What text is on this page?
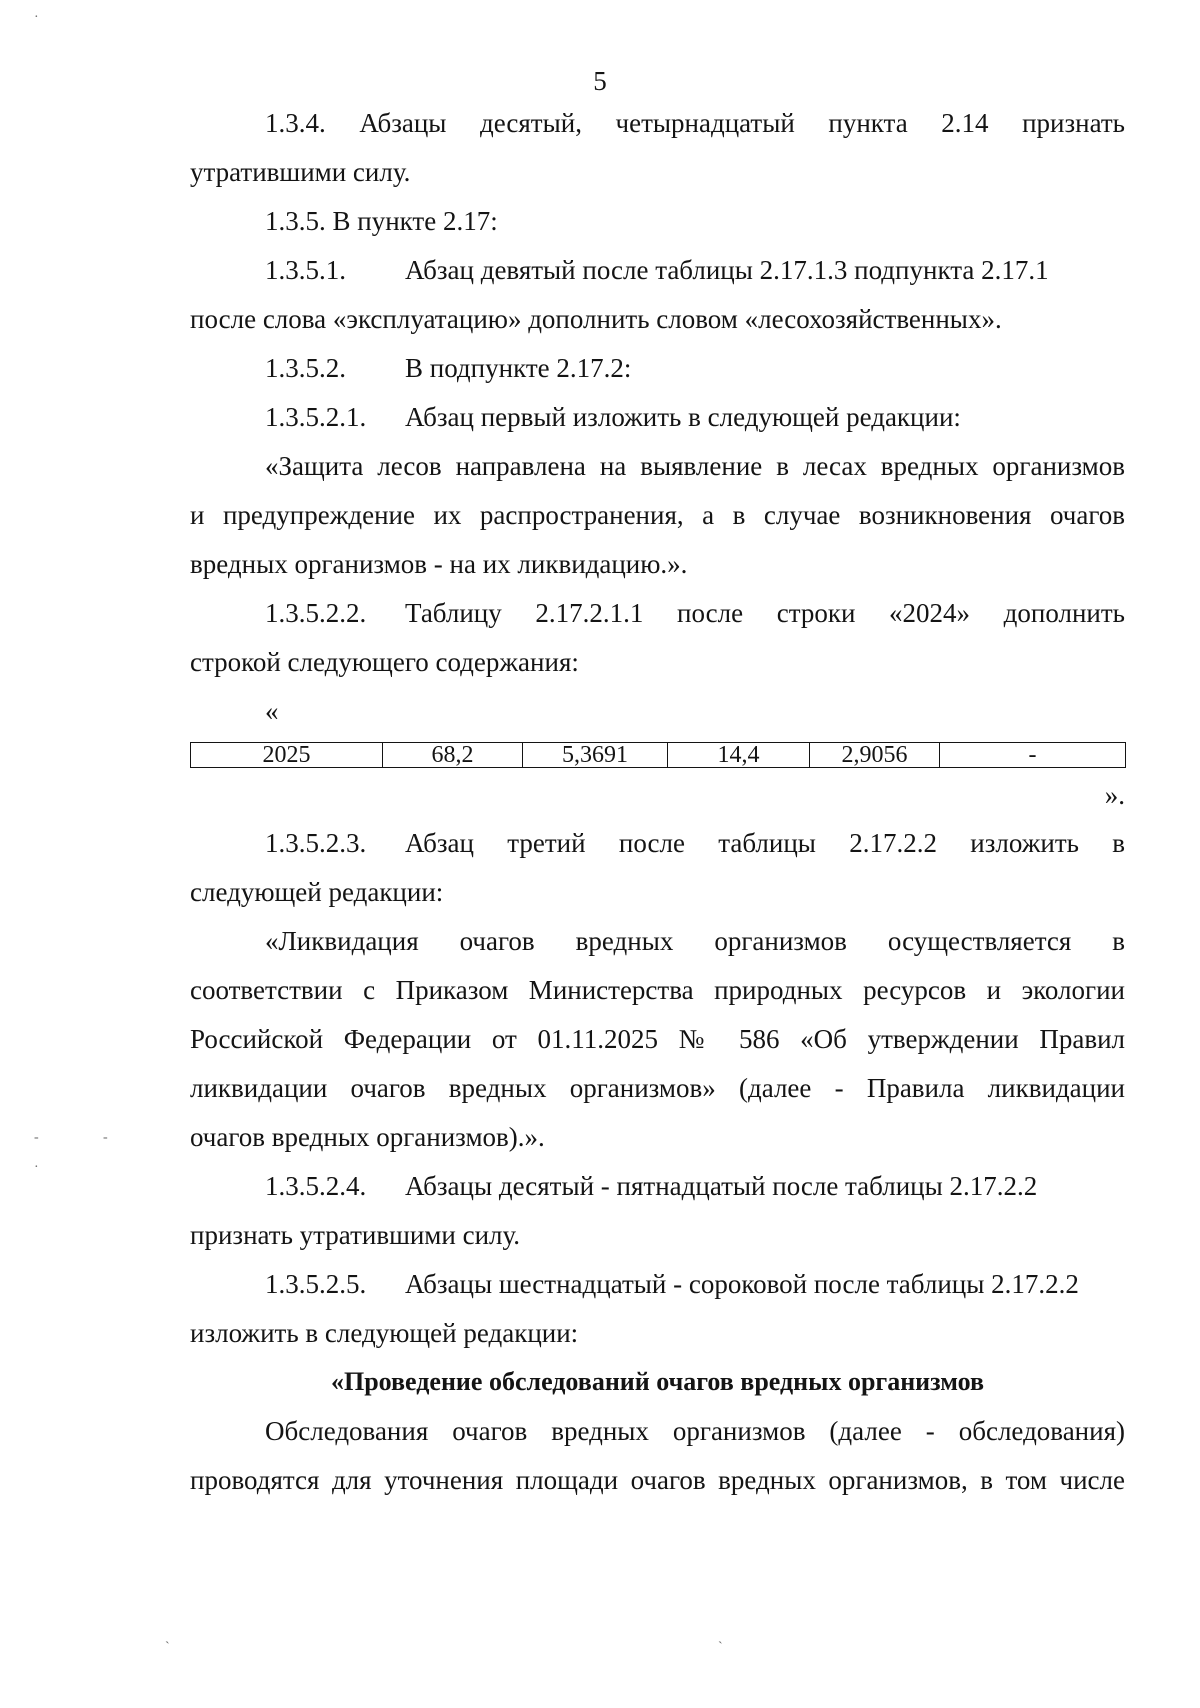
5
1.3.4. Абзацы десятый, четырнадцатый пункта 2.14 признать
утратившими силу.
1.3.5. В пункте 2.17:
1.3.5.1. Абзац девятый после таблицы 2.17.1.3 подпункта 2.17.1
после слова «эксплуатацию» дополнить словом «лесохозяйственных».
1.3.5.2. В подпункте 2.17.2:
1.3.5.2.1. Абзац первый изложить в следующей редакции:
«Защита лесов направлена на выявление в лесах вредных организмов
и предупреждение их распространения, а в случае возникновения очагов
вредных организмов - на их ликвидацию.».
1.3.5.2.2. Таблицу 2.17.2.1.1 после строки «2024» дополнить
строкой следующего содержания:
«
2025	68,2	5,3691	14,4	2,9056	-
».
1.3.5.2.3. Абзац третий после таблицы 2.17.2.2 изложить в
следующей редакции:
«Ликвидация очагов вредных организмов осуществляется в
соответствии с Приказом Министерства природных ресурсов и экологии
Российской Федерации от 01.11.2025 № 586 «Об утверждении Правил
ликвидации очагов вредных организмов» (далее - Правила ликвидации
очагов вредных организмов).».
1.3.5.2.4. Абзацы десятый - пятнадцатый после таблицы 2.17.2.2
признать утратившими силу.
1.3.5.2.5. Абзацы шестнадцатый - сороковой после таблицы 2.17.2.2
изложить в следующей редакции:
«Проведение обследований очагов вредных организмов
Обследования очагов вредных организмов (далее - обследования)
проводятся для уточнения площади очагов вредных организмов, в том числе
·
-	-
·
ˋ	ˋ
